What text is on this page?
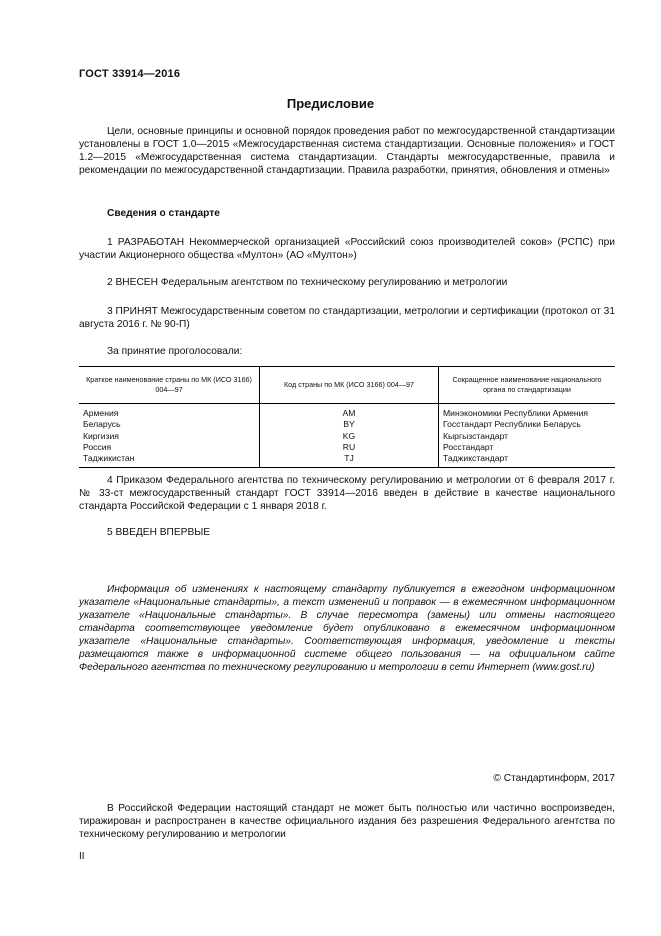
ГОСТ 33914—2016
Предисловие

Цели, основные принципы и основной порядок проведения работ по межгосударственной стандартизации установлены в ГОСТ 1.0—2015 «Межгосударственная система стандартизации. Основные положения» и ГОСТ 1.2—2015 «Межгосударственная система стандартизации. Стандарты межгосударственные, правила и рекомендации по межгосударственной стандартизации. Правила разработки, принятия, обновления и отмены»

Сведения о стандарте

1 РАЗРАБОТАН Некоммерческой организацией «Российский союз производителей соков» (РСПС) при участии Акционерного общества «Мултон» (АО «Мултон»)

2 ВНЕСЕН Федеральным агентством по техническому регулированию и метрологии

3 ПРИНЯТ Межгосударственным советом по стандартизации, метрологии и сертификации (протокол от 31 августа 2016 г. № 90-П)

За принятие проголосовали:
Краткое наименование страны по МК (ИСО 3166) 004—97	Код страны по МК (ИСО 3166) 004—97	Сокращенное наименование национального органа по стандартизации
Армения	AM	Минэкономики Республики Армения
Беларусь	BY	Госстандарт Республики Беларусь
Киргизия	KG	Кыргызстандарт
Россия	RU	Росстандарт
Таджикистан	TJ	Таджикстандарт

4 Приказом Федерального агентства по техническому регулированию и метрологии от 6 февраля 2017 г. № 33-ст межгосударственный стандарт ГОСТ 33914—2016 введен в действие в качестве национального стандарта Российской Федерации с 1 января 2018 г.

5 ВВЕДЕН ВПЕРВЫЕ

Информация об изменениях к настоящему стандарту публикуется в ежегодном информационном указателе «Национальные стандарты», а текст изменений и поправок — в ежемесячном информационном указателе «Национальные стандарты». В случае пересмотра (замены) или отмены настоящего стандарта соответствующее уведомление будет опубликовано в ежемесячном информационном указателе «Национальные стандарты». Соответствующая информация, уведомление и тексты размещаются также в информационной системе общего пользования — на официальном сайте Федерального агентства по техническому регулированию и метрологии в сети Интернет (www.gost.ru)

© Стандартинформ, 2017

В Российской Федерации настоящий стандарт не может быть полностью или частично воспроизведен, тиражирован и распространен в качестве официального издания без разрешения Федерального агентства по техническому регулированию и метрологии

II
